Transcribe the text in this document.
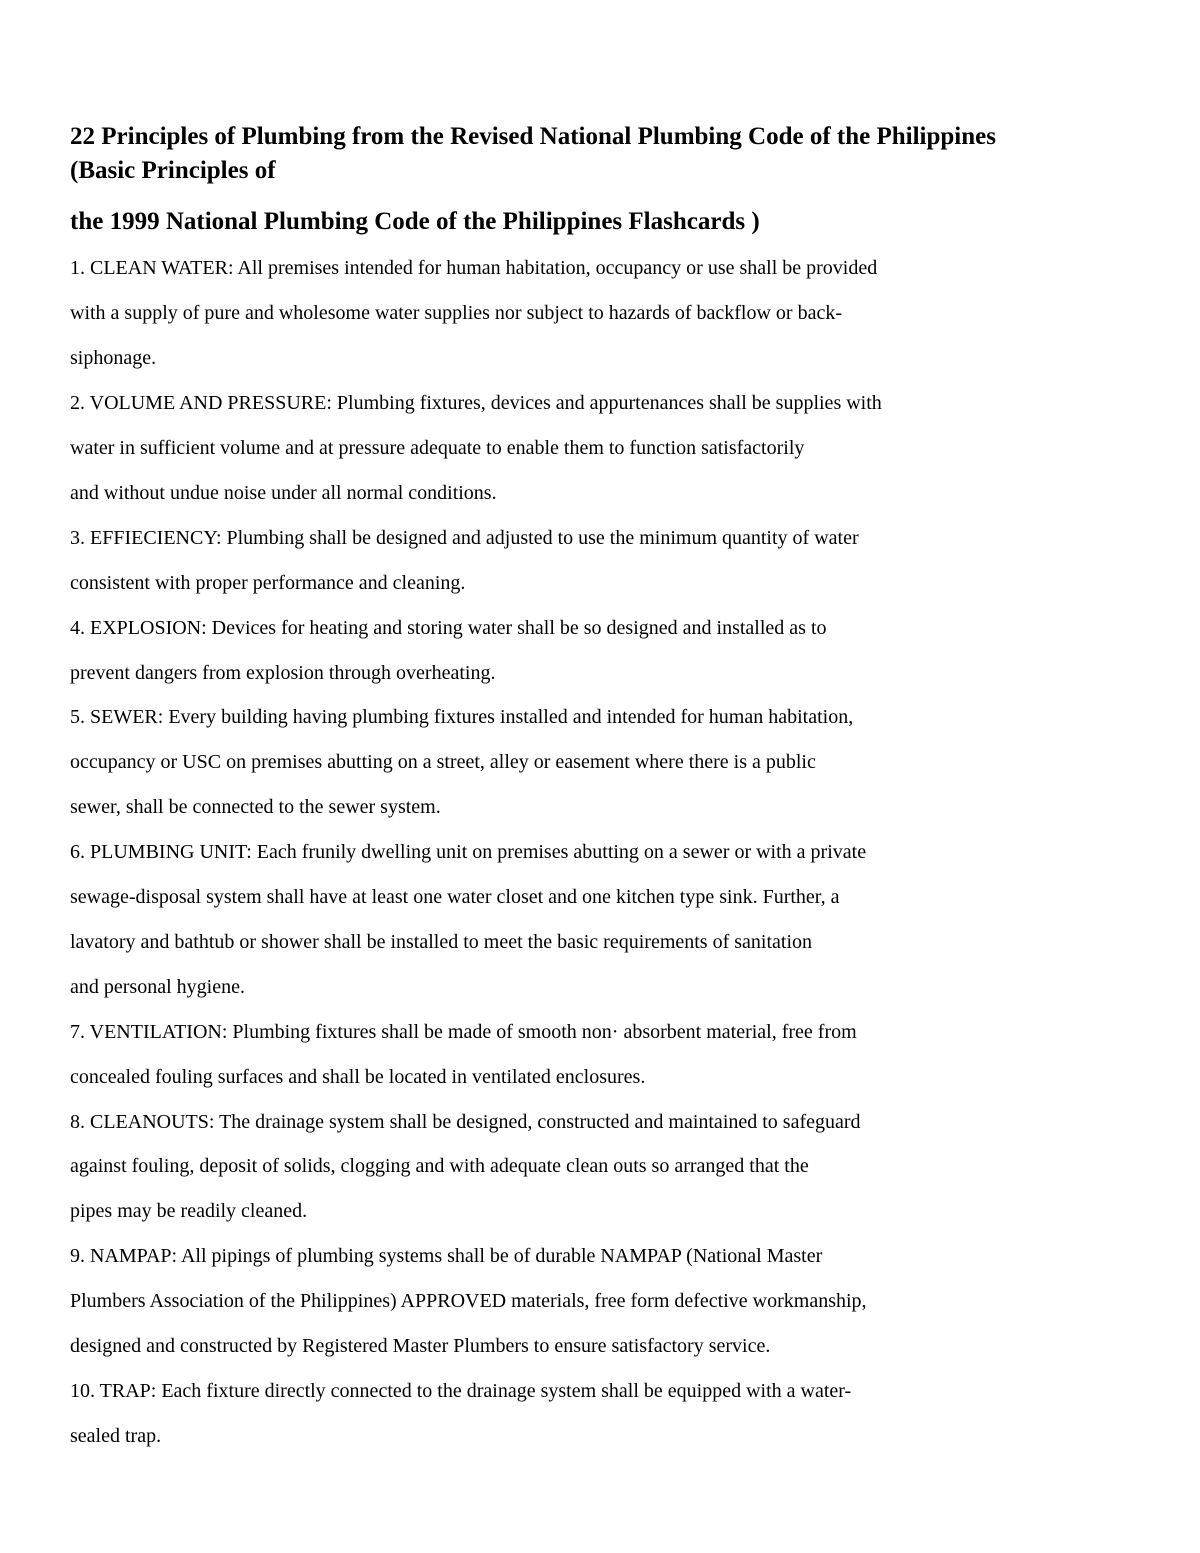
22 Principles of Plumbing from the Revised National Plumbing Code of the Philippines
(Basic Principles of
the 1999 National Plumbing Code of the Philippines Flashcards )
1. CLEAN WATER: All premises intended for human habitation, occupancy or use shall be provided
with a supply of pure and wholesome water supplies nor subject to hazards of backflow or back-
siphonage.
2. VOLUME AND PRESSURE: Plumbing fixtures, devices and appurtenances shall be supplies with
water in sufficient volume and at pressure adequate to enable them to function satisfactorily
and without undue noise under all normal conditions.
3. EFFIECIENCY: Plumbing shall be designed and adjusted to use the minimum quantity of water
consistent with proper performance and cleaning.
4. EXPLOSION: Devices for heating and storing water shall be so designed and installed as to
prevent dangers from explosion through overheating.
5. SEWER: Every building having plumbing fixtures installed and intended for human habitation,
occupancy or USC on premises abutting on a street, alley or easement where there is a public
sewer, shall be connected to the sewer system.
6. PLUMBING UNIT: Each frunily dwelling unit on premises abutting on a sewer or with a private
sewage-disposal system shall have at least one water closet and one kitchen type sink. Further, a
lavatory and bathtub or shower shall be installed to meet the basic requirements of sanitation
and personal hygiene.
7. VENTILATION: Plumbing fixtures shall be made of smooth non· absorbent material, free from
concealed fouling surfaces and shall be located in ventilated enclosures.
8. CLEANOUTS: The drainage system shall be designed, constructed and maintained to safeguard
against fouling, deposit of solids, clogging and with adequate clean outs so arranged that the
pipes may be readily cleaned.
9. NAMPAP: All pipings of plumbing systems shall be of durable NAMPAP (National Master
Plumbers Association of the Philippines) APPROVED materials, free form defective workmanship,
designed and constructed by Registered Master Plumbers to ensure satisfactory service.
10. TRAP: Each fixture directly connected to the drainage system shall be equipped with a water-
sealed trap.
